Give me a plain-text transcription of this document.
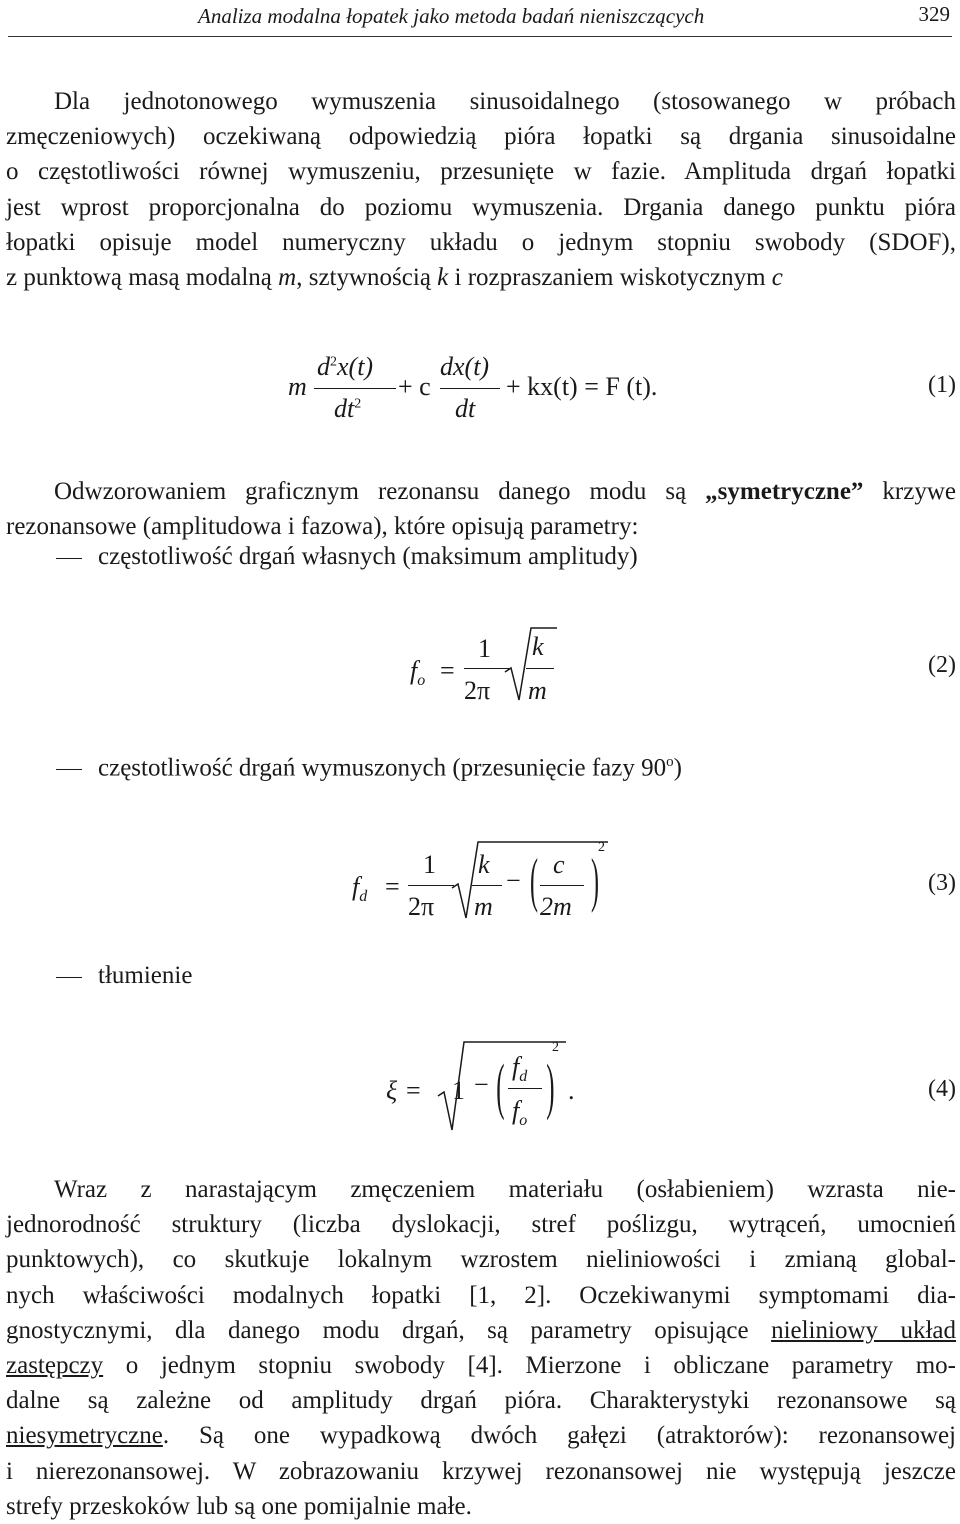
Analiza modalna łopatek jako metoda badań nieniszczących	329
Dla jednotonowego wymuszenia sinusoidalnego (stosowanego w próbach
zmęczeniowych) oczekiwaną odpowiedzią pióra łopatki są drgania sinusoidalne
o częstotliwości równej wymuszeniu, przesunięte w fazie. Amplituda drgań łopatki
jest wprost proporcjonalna do poziomu wymuszenia. Drgania danego punktu pióra
łopatki opisuje model numeryczny układu o jednym stopniu swobody (SDOF),
z punktową masą modalną m, sztywnością k i rozpraszaniem wiskotycznym c
m
$d^2x(t)$
$dt^2$
+ c
dx(t)
dt
+ kx(t) = F (t).	(1)
Odwzorowaniem graficznym rezonansu danego modu są „symetryczne” krzywe
rezonansowe (amplitudowa i fazowa), które opisują parametry:
częstotliwość drgań własnych (maksimum amplitudy)
$f_o$ =
1
2π
k
m
(2)
częstotliwość drgań wymuszonych (przesunięcie fazy 90$^o$)
$f_d$ =
1
2π
k
m
− ( c
2m ) 2
(3)
tłumienie
ξ = 1 − ( $f_d$
$f_o$ )
2
.	(4)
Wraz z narastającym zmęczeniem materiału (osłabieniem) wzrasta nie-
jednorodność struktury (liczba dyslokacji, stref poślizgu, wytrąceń, umocnień
punktowych), co skutkuje lokalnym wzrostem nieliniowości i zmianą global-
nych właściwości modalnych łopatki [1, 2]. Oczekiwanymi symptomami dia-
gnostycznymi, dla danego modu drgań, są parametry opisujące nieliniowy układ
zastępczy o jednym stopniu swobody [4]. Mierzone i obliczane parametry mo-
dalne są zależne od amplitudy drgań pióra. Charakterystyki rezonansowe są
niesymetryczne. Są one wypadkową dwóch gałęzi (atraktorów): rezonansowej
i nierezonansowej. W zobrazowaniu krzywej rezonansowej nie występują jeszcze
strefy przeskoków lub są one pomijalnie małe.
